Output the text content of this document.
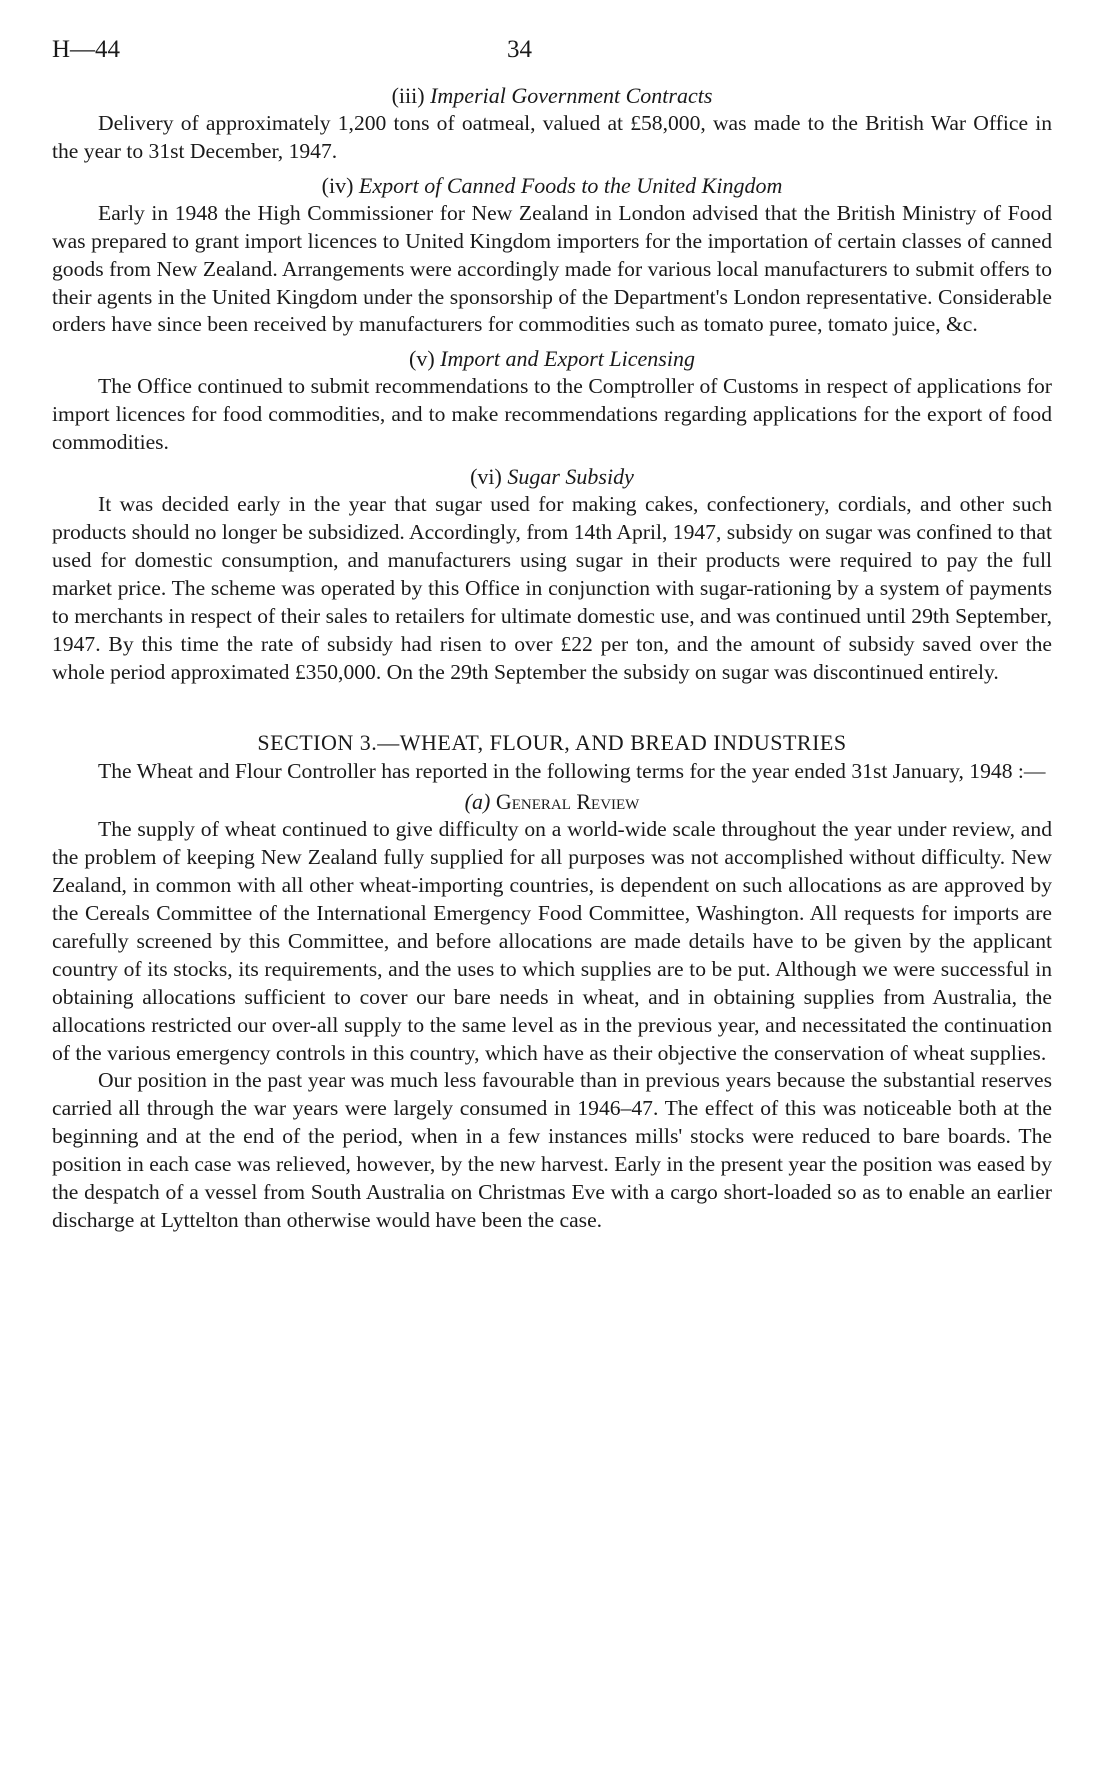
H—44	34
(iii) Imperial Government Contracts

Delivery of approximately 1,200 tons of oatmeal, valued at £58,000, was made to the British War Office in the year to 31st December, 1947.

(iv) Export of Canned Foods to the United Kingdom

Early in 1948 the High Commissioner for New Zealand in London advised that the British Ministry of Food was prepared to grant import licences to United Kingdom importers for the importation of certain classes of canned goods from New Zealand. Arrangements were accordingly made for various local manufacturers to submit offers to their agents in the United Kingdom under the sponsorship of the Department's London representative. Considerable orders have since been received by manufacturers for commodities such as tomato puree, tomato juice, &c.

(v) Import and Export Licensing

The Office continued to submit recommendations to the Comptroller of Customs in respect of applications for import licences for food commodities, and to make recommendations regarding applications for the export of food commodities.

(vi) Sugar Subsidy

It was decided early in the year that sugar used for making cakes, confectionery, cordials, and other such products should no longer be subsidized. Accordingly, from 14th April, 1947, subsidy on sugar was confined to that used for domestic consumption, and manufacturers using sugar in their products were required to pay the full market price. The scheme was operated by this Office in conjunction with sugar-rationing by a system of payments to merchants in respect of their sales to retailers for ultimate domestic use, and was continued until 29th September, 1947. By this time the rate of subsidy had risen to over £22 per ton, and the amount of subsidy saved over the whole period approximated £350,000. On the 29th September the subsidy on sugar was discontinued entirely.

SECTION 3.—WHEAT, FLOUR, AND BREAD INDUSTRIES

The Wheat and Flour Controller has reported in the following terms for the year ended 31st January, 1948 :—

(a) General Review

The supply of wheat continued to give difficulty on a world-wide scale throughout the year under review, and the problem of keeping New Zealand fully supplied for all purposes was not accomplished without difficulty. New Zealand, in common with all other wheat-importing countries, is dependent on such allocations as are approved by the Cereals Committee of the International Emergency Food Committee, Washington. All requests for imports are carefully screened by this Committee, and before allocations are made details have to be given by the applicant country of its stocks, its requirements, and the uses to which supplies are to be put. Although we were successful in obtaining allocations sufficient to cover our bare needs in wheat, and in obtaining supplies from Australia, the allocations restricted our over-all supply to the same level as in the previous year, and necessitated the continuation of the various emergency controls in this country, which have as their objective the conservation of wheat supplies.

Our position in the past year was much less favourable than in previous years because the substantial reserves carried all through the war years were largely consumed in 1946–47. The effect of this was noticeable both at the beginning and at the end of the period, when in a few instances mills' stocks were reduced to bare boards. The position in each case was relieved, however, by the new harvest. Early in the present year the position was eased by the despatch of a vessel from South Australia on Christmas Eve with a cargo short-loaded so as to enable an earlier discharge at Lyttelton than otherwise would have been the case.
